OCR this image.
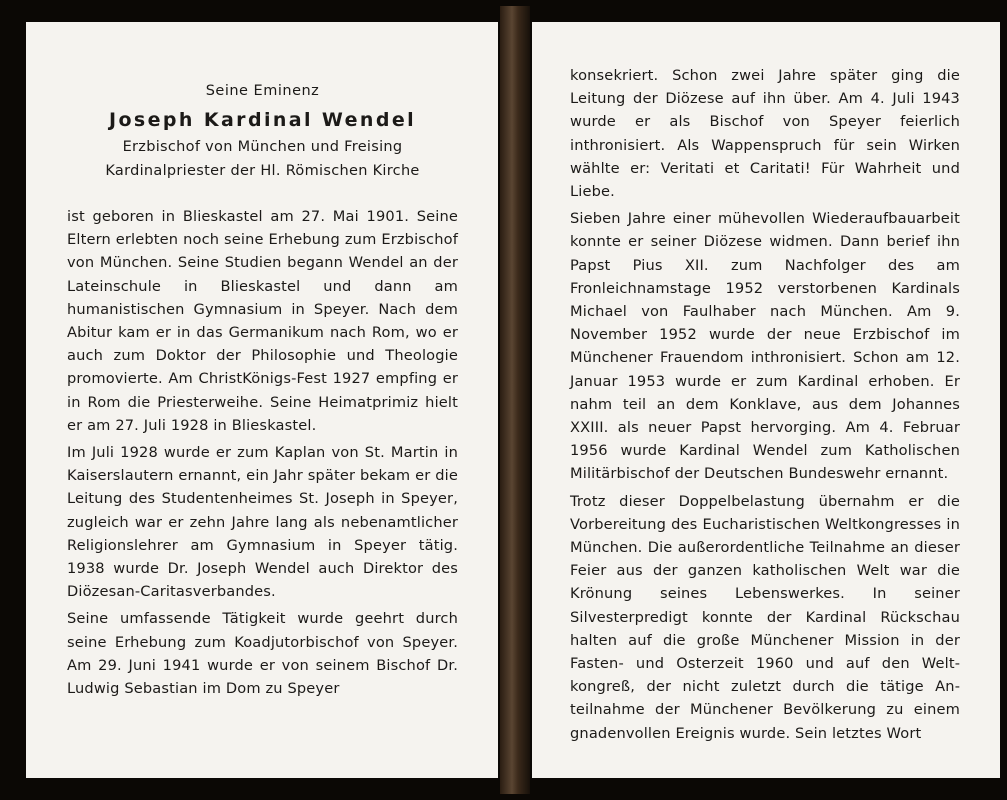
Seine Eminenz
Joseph Kardinal Wendel
Erzbischof von München und Freising
Kardinalpriester der Hl. Römischen Kirche

ist geboren in Blieskastel am 27. Mai 1901. Seine Eltern erlebten noch seine Erhebung zum Erzbischof von München. Seine Studien begann Wendel an der Lateinschule in Blieskastel und dann am humanistischen Gymnasium in Speyer. Nach dem Abitur kam er in das Germanikum nach Rom, wo er auch zum Doktor der Philosophie und Theologie promovierte. Am ChristKönigs-Fest 1927 empfing er in Rom die Priesterweihe. Seine Heimatprimiz hielt er am 27. Juli 1928 in Blieskastel.

Im Juli 1928 wurde er zum Kaplan von St. Martin in Kaiserslautern ernannt, ein Jahr später bekam er die Leitung des Studentenheimes St. Joseph in Speyer, zugleich war er zehn Jahre lang als nebenamtlicher Religionslehrer am Gymnasium in Speyer tätig. 1938 wurde Dr. Joseph Wendel auch Direktor des Diözesan-Caritasverbandes.

Seine umfassende Tätigkeit wurde geehrt durch seine Erhebung zum Koadjutorbischof von Speyer. Am 29. Juni 1941 wurde er von seinem Bischof Dr. Ludwig Sebastian im Dom zu Speyer

konsekriert. Schon zwei Jahre später ging die Leitung der Diözese auf ihn über. Am 4. Juli 1943 wurde er als Bischof von Speyer feierlich inthronisiert. Als Wappenspruch für sein Wirken wählte er: Veritati et Caritati! Für Wahrheit und Liebe.

Sieben Jahre einer mühevollen Wiederaufbauarbeit konnte er seiner Diözese widmen. Dann berief ihn Papst Pius XII. zum Nachfolger des am Fronleichnamstage 1952 verstorbenen Kardinals Michael von Faulhaber nach München. Am 9. November 1952 wurde der neue Erzbischof im Münchener Frauendom inthronisiert. Schon am 12. Januar 1953 wurde er zum Kardinal erhoben. Er nahm teil an dem Konklave, aus dem Johannes XXIII. als neuer Papst hervorging. Am 4. Februar 1956 wurde Kardinal Wendel zum Katholischen Militärbischof der Deutschen Bundeswehr ernannt.

Trotz dieser Doppelbelastung übernahm er die Vorbereitung des Eucharistischen Weltkongresses in München. Die außerordentliche Teilnahme an dieser Feier aus der ganzen katholischen Welt war die Krönung seines Lebenswerkes. In seiner Silvesterpredigt konnte der Kardinal Rückschau halten auf die große Münchener Mission in der Fasten- und Osterzeit 1960 und auf den Weltkongreß, der nicht zuletzt durch die tätige Anteilnahme der Münchener Bevölkerung zu einem gnadenvollen Ereignis wurde. Sein letztes Wort
